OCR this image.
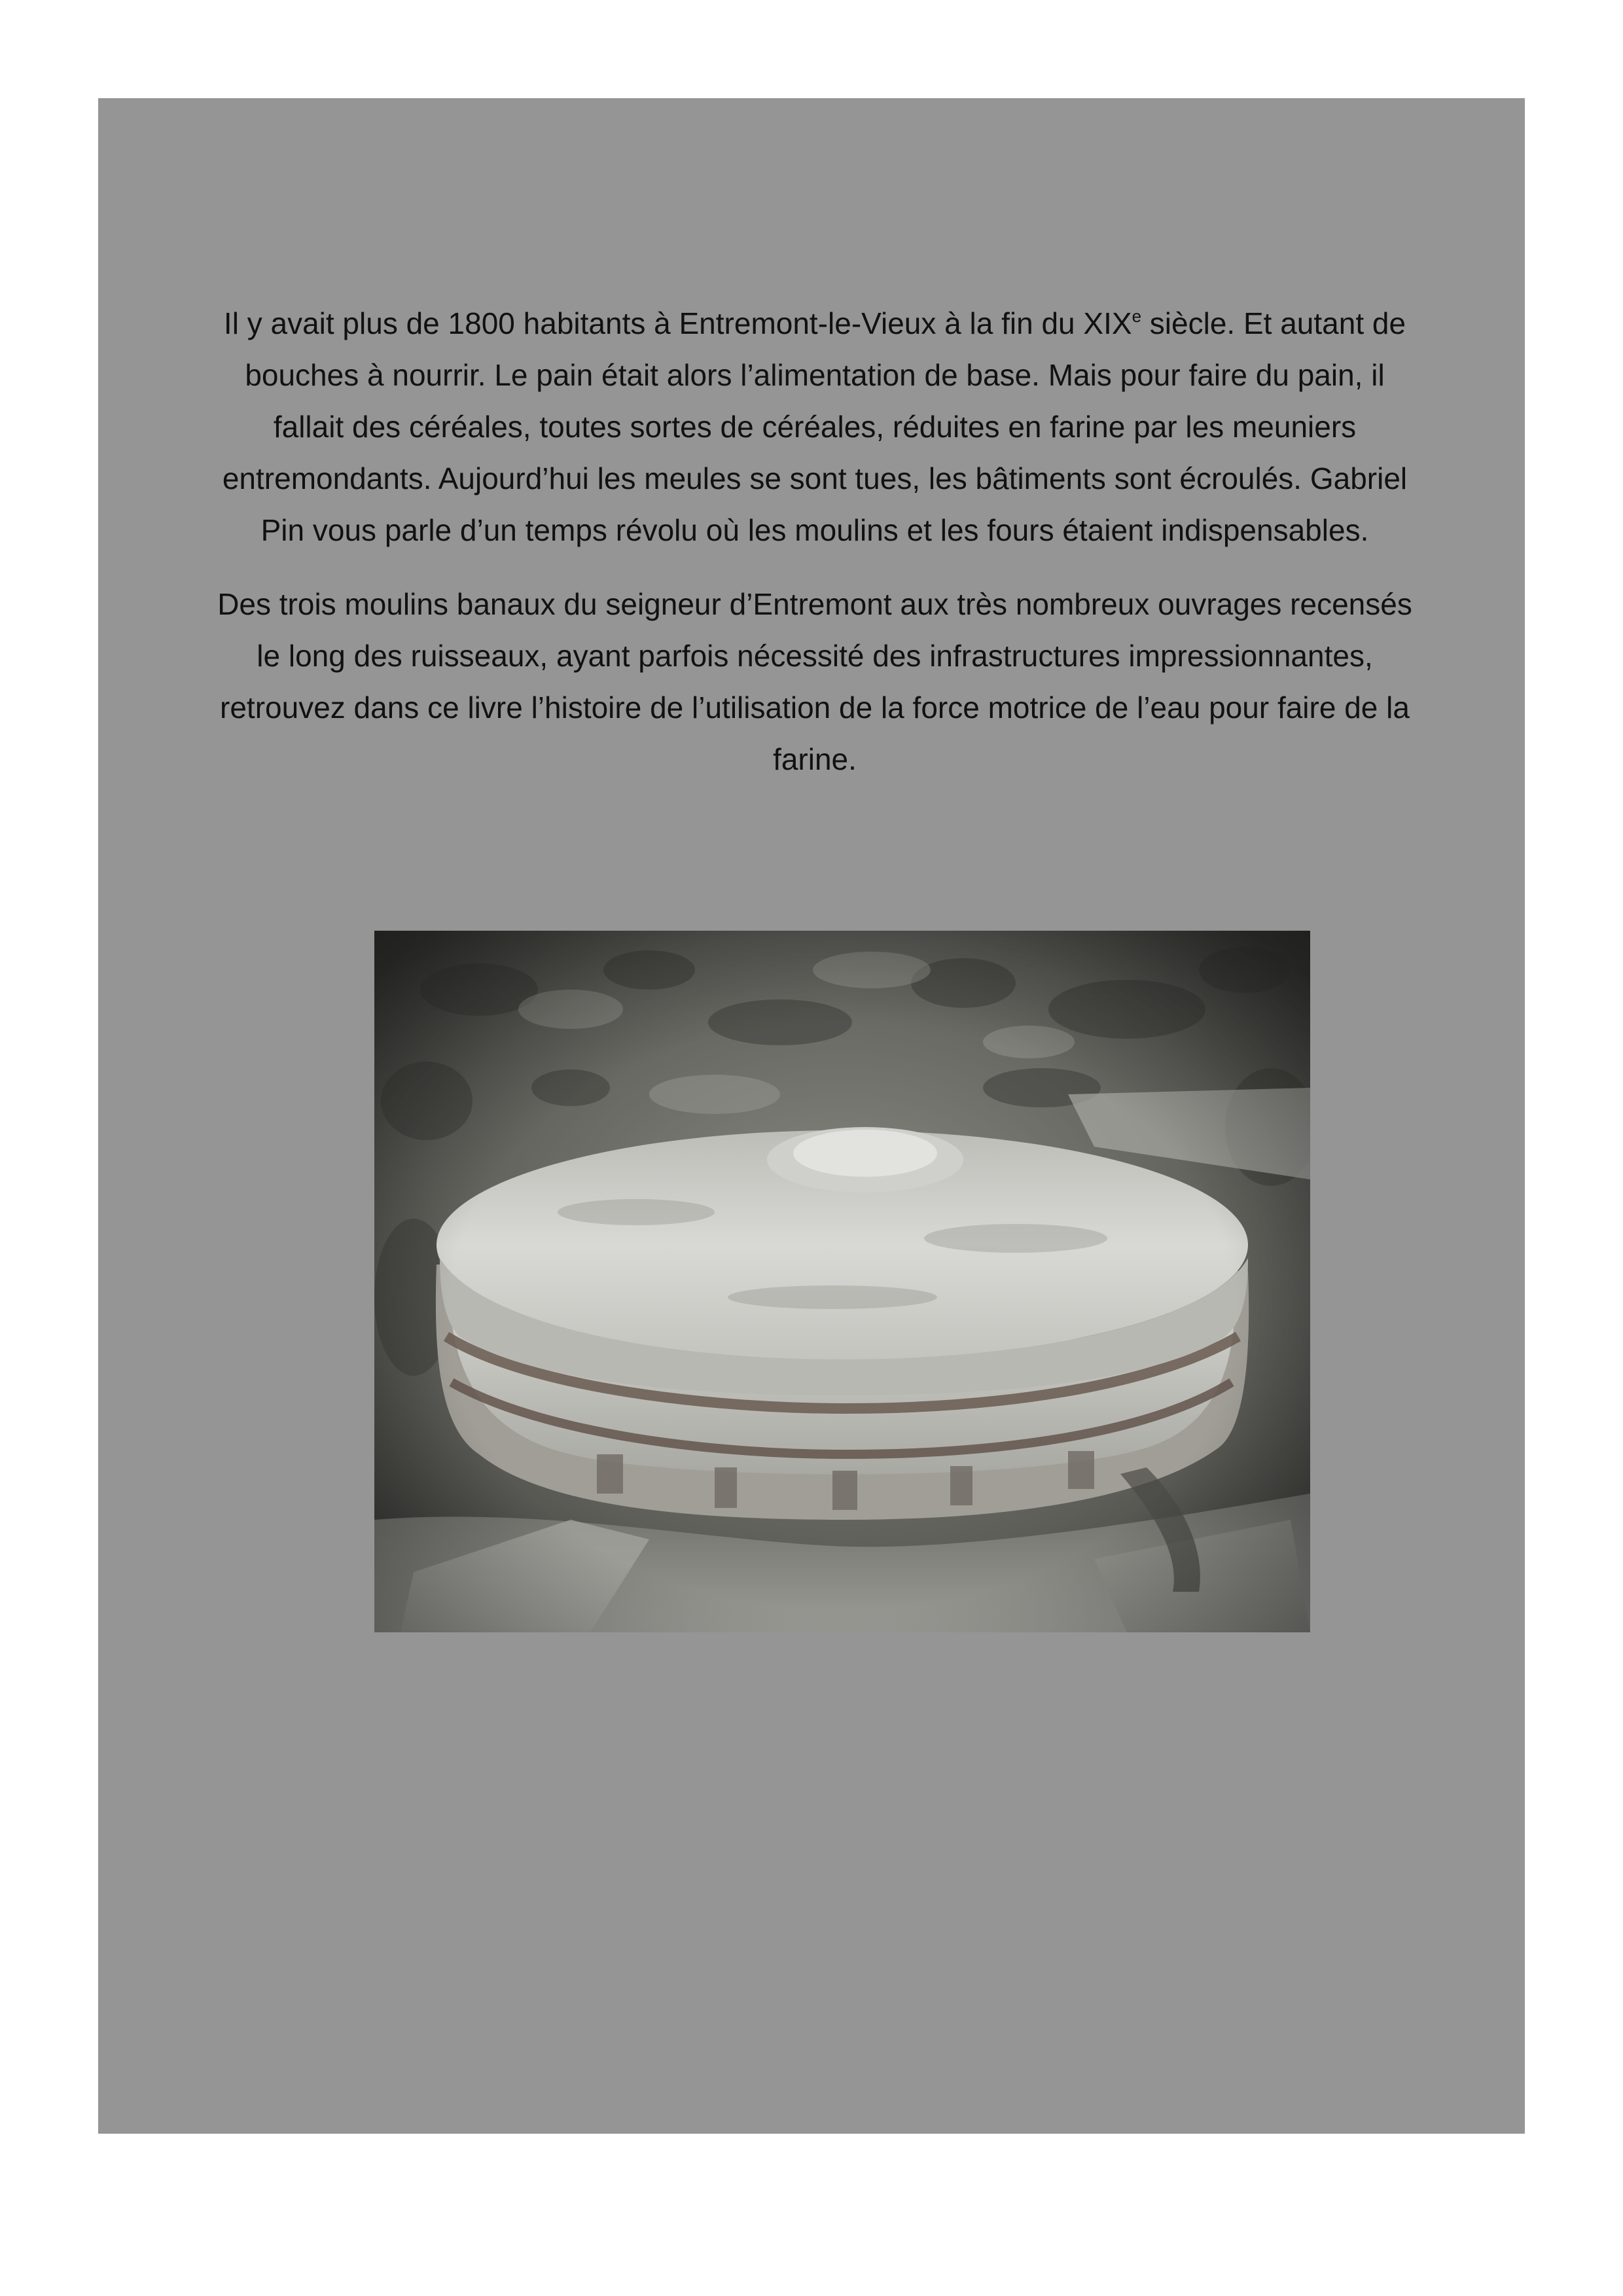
Il y avait plus de 1800 habitants à Entremont-le-Vieux à la fin du XIXe siècle. Et autant de bouches à nourrir. Le pain était alors l’alimentation de base. Mais pour faire du pain, il fallait des céréales, toutes sortes de céréales, réduites en farine par les meuniers entremondants. Aujourd’hui les meules se sont tues, les bâtiments sont écroulés. Gabriel Pin vous parle d’un temps révolu où les moulins et les fours étaient indispensables.

Des trois moulins banaux du seigneur d’Entremont aux très nombreux ouvrages recensés le long des ruisseaux, ayant parfois nécessité des infrastructures impressionnantes, retrouvez dans ce livre l’histoire de l’utilisation de la force motrice de l’eau pour faire de la farine.
